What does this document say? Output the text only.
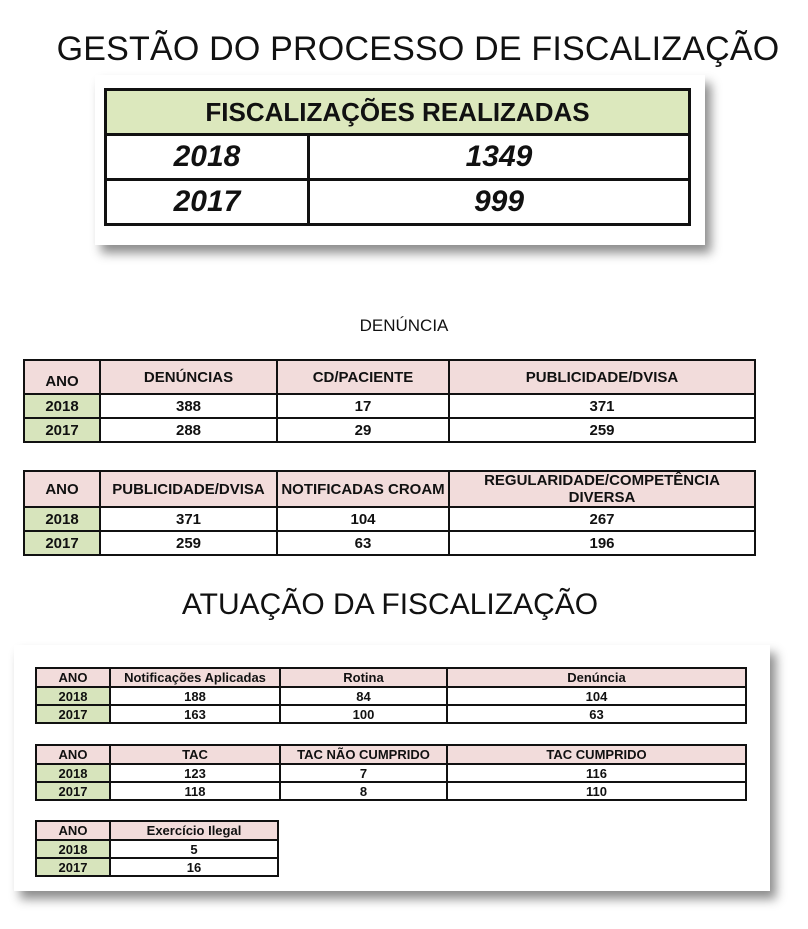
GESTÃO DO PROCESSO DE FISCALIZAÇÃO
FISCALIZAÇÕES REALIZADAS	
2018	1349
2017	999
DENÚNCIA
ANO	DENÚNCIAS	CD/PACIENTE	PUBLICIDADE/DVISA
2018	388	17	371
2017	288	29	259
ANO	PUBLICIDADE/DVISA	NOTIFICADAS CROAM	REGULARIDADE/COMPETÊNCIA DIVERSA
2018	371	104	267
2017	259	63	196
ATUAÇÃO DA FISCALIZAÇÃO
ANO	Notificações Aplicadas	Rotina	Denúncia
2018	188	84	104
2017	163	100	63
ANO	TAC	TAC NÃO CUMPRIDO	TAC CUMPRIDO
2018	123	7	116
2017	118	8	110
ANO	Exercício Ilegal
2018	5
2017	16
